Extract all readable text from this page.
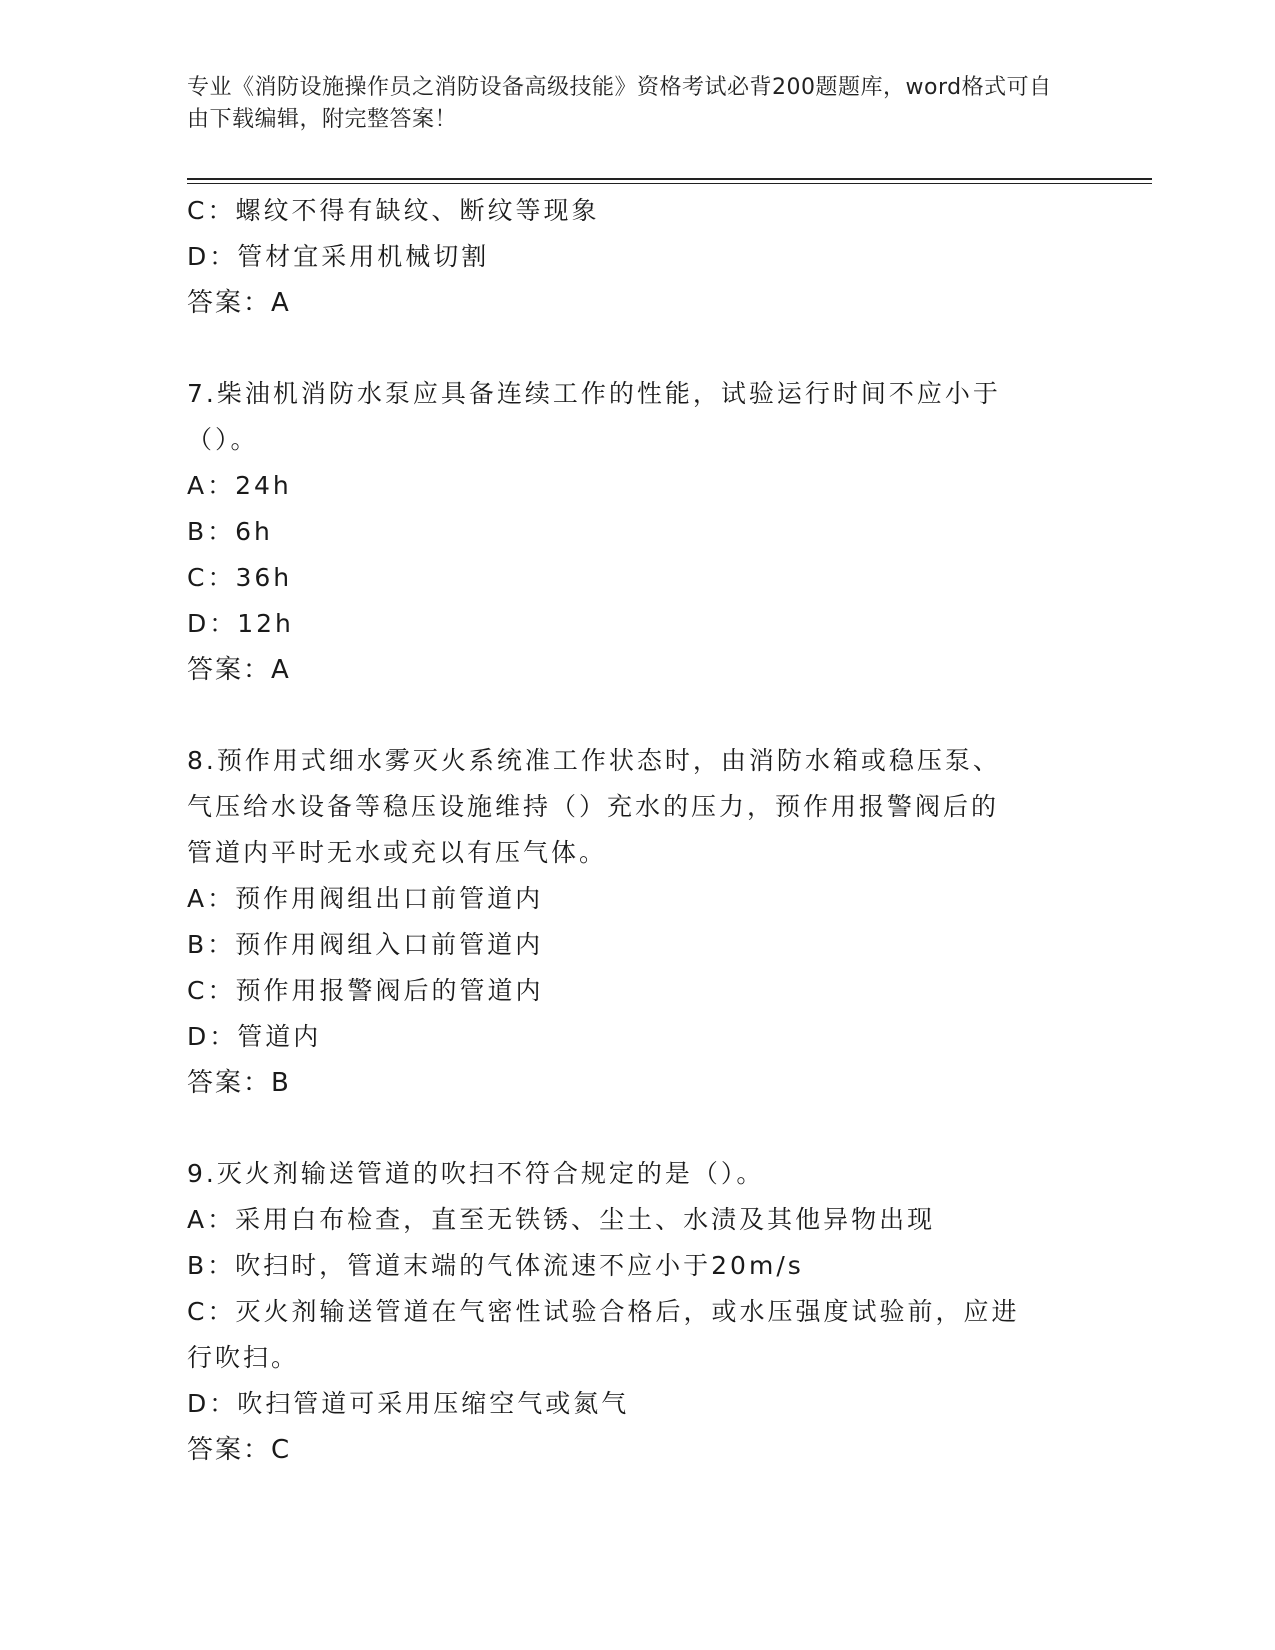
专业《消防设施操作员之消防设备高级技能》资格考试必背200题题库，word格式可自由下载编辑，附完整答案！
C：螺纹不得有缺纹、断纹等现象
D：管材宜采用机械切割
答案：A
7.柴油机消防水泵应具备连续工作的性能，试验运行时间不应小于（）。
A：24h
B：6h
C：36h
D：12h
答案：A
8.预作用式细水雾灭火系统准工作状态时，由消防水箱或稳压泵、气压给水设备等稳压设施维持（）充水的压力，预作用报警阀后的管道内平时无水或充以有压气体。
A：预作用阀组出口前管道内
B：预作用阀组入口前管道内
C：预作用报警阀后的管道内
D：管道内
答案：B
9.灭火剂输送管道的吹扫不符合规定的是（）。
A：采用白布检查，直至无铁锈、尘土、水渍及其他异物出现
B：吹扫时，管道末端的气体流速不应小于20m/s
C：灭火剂输送管道在气密性试验合格后，或水压强度试验前，应进行吹扫。
D：吹扫管道可采用压缩空气或氮气
答案：C
